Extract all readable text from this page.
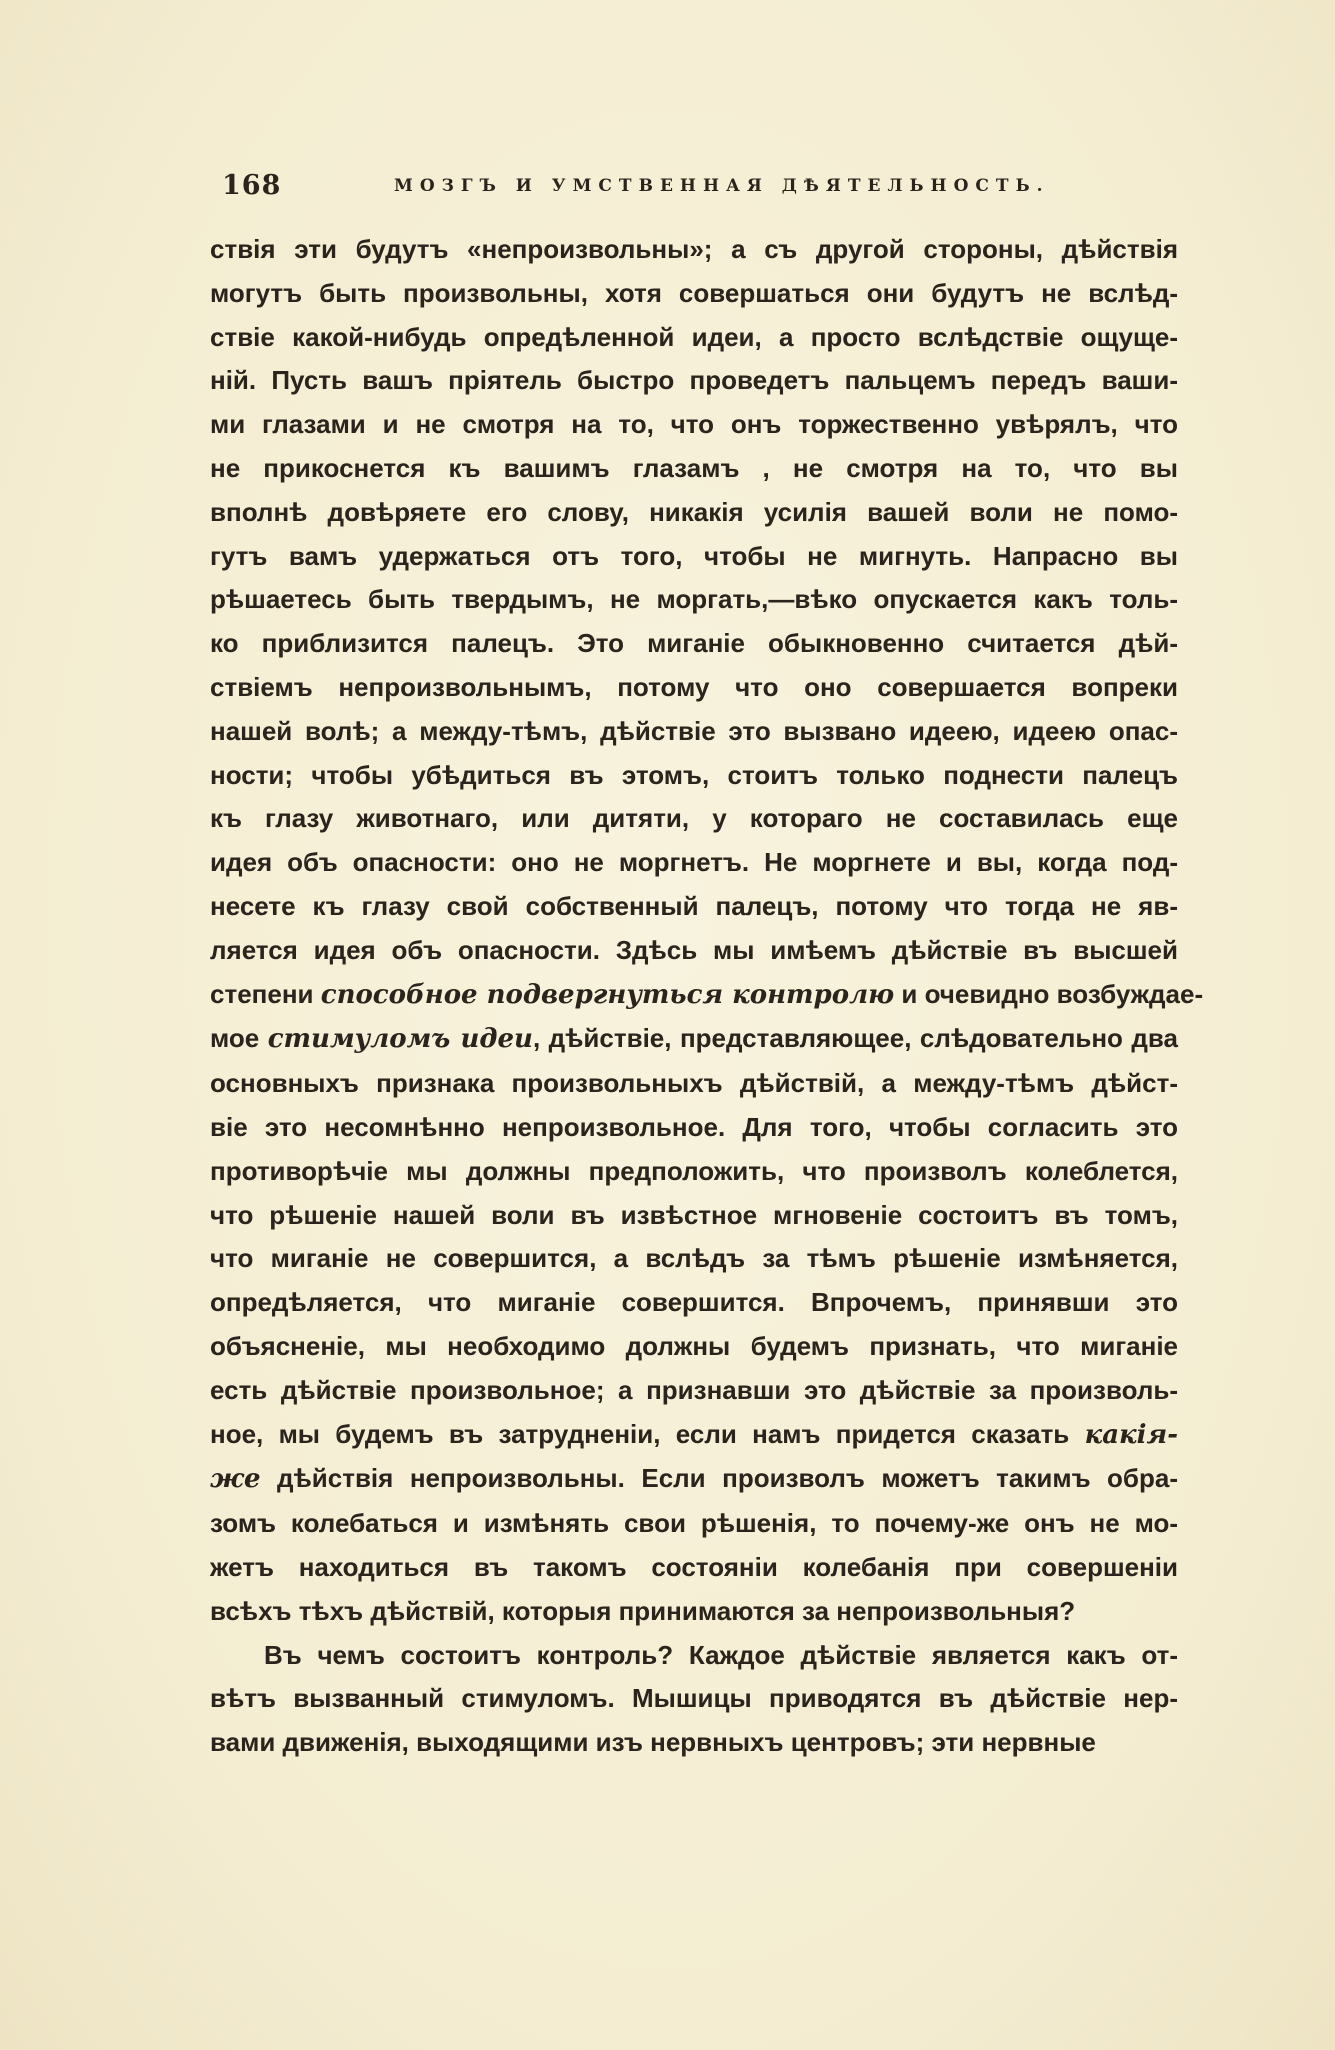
168	МОЗГЪ И УМСТВЕННАЯ ДѢЯТЕЛЬНОСТЬ.
ствія эти будутъ «непроизвольны»; а съ другой стороны, дѣйствія
могутъ быть произвольны, хотя совершаться они будутъ не вслѣд-
ствіе какой-нибудь опредѣленной идеи, а просто вслѣдствіе ощуще-
ній. Пусть вашъ пріятель быстро проведетъ пальцемъ передъ ваши-
ми глазами и не смотря на то, что онъ торжественно увѣрялъ, что
не прикоснется къ вашимъ глазамъ , не смотря на то, что вы
вполнѣ довѣряете его слову, никакія усилія вашей воли не помо-
гутъ вамъ удержаться отъ того, чтобы не мигнуть. Напрасно вы
рѣшаетесь быть твердымъ, не моргать,—вѣко опускается какъ толь-
ко приблизится палецъ. Это миганіе обыкновенно считается дѣй-
ствіемъ непроизвольнымъ, потому что оно совершается вопреки
нашей волѣ; а между-тѣмъ, дѣйствіе это вызвано идеею, идеею опас-
ности; чтобы убѣдиться въ этомъ, стоитъ только поднести палецъ
къ глазу животнаго, или дитяти, у котораго не составилась еще
идея объ опасности: оно не моргнетъ. Не моргнете и вы, когда под-
несете къ глазу свой собственный палецъ, потому что тогда не яв-
ляется идея объ опасности. Здѣсь мы имѣемъ дѣйствіе въ высшей
степени способное подвергнуться контролю и очевидно возбуждае-
мое стимуломъ идеи, дѣйствіе, представляющее, слѣдовательно два
основныхъ признака произвольныхъ дѣйствій, а между-тѣмъ дѣйст-
віе это несомнѣнно непроизвольное. Для того, чтобы согласить это
противорѣчіе мы должны предположить, что произволъ колеблется,
что рѣшеніе нашей воли въ извѣстное мгновеніе состоитъ въ томъ,
что миганіе не совершится, а вслѣдъ за тѣмъ рѣшеніе измѣняется,
опредѣляется, что миганіе совершится. Впрочемъ, принявши это
объясненіе, мы необходимо должны будемъ признать, что миганіе
есть дѣйствіе произвольное; а признавши это дѣйствіе за произволь-
ное, мы будемъ въ затрудненіи, если намъ придется сказать какія-
же дѣйствія непроизвольны. Если произволъ можетъ такимъ обра-
зомъ колебаться и измѣнять свои рѣшенія, то почему-же онъ не мо-
жетъ находиться въ такомъ состояніи колебанія при совершеніи
всѣхъ тѣхъ дѣйствій, которыя принимаются за непроизвольныя?
Въ чемъ состоитъ контроль? Каждое дѣйствіе является какъ от-
вѣтъ вызванный стимуломъ. Мышицы приводятся въ дѣйствіе нер-
вами движенія, выходящими изъ нервныхъ центровъ; эти нервные
